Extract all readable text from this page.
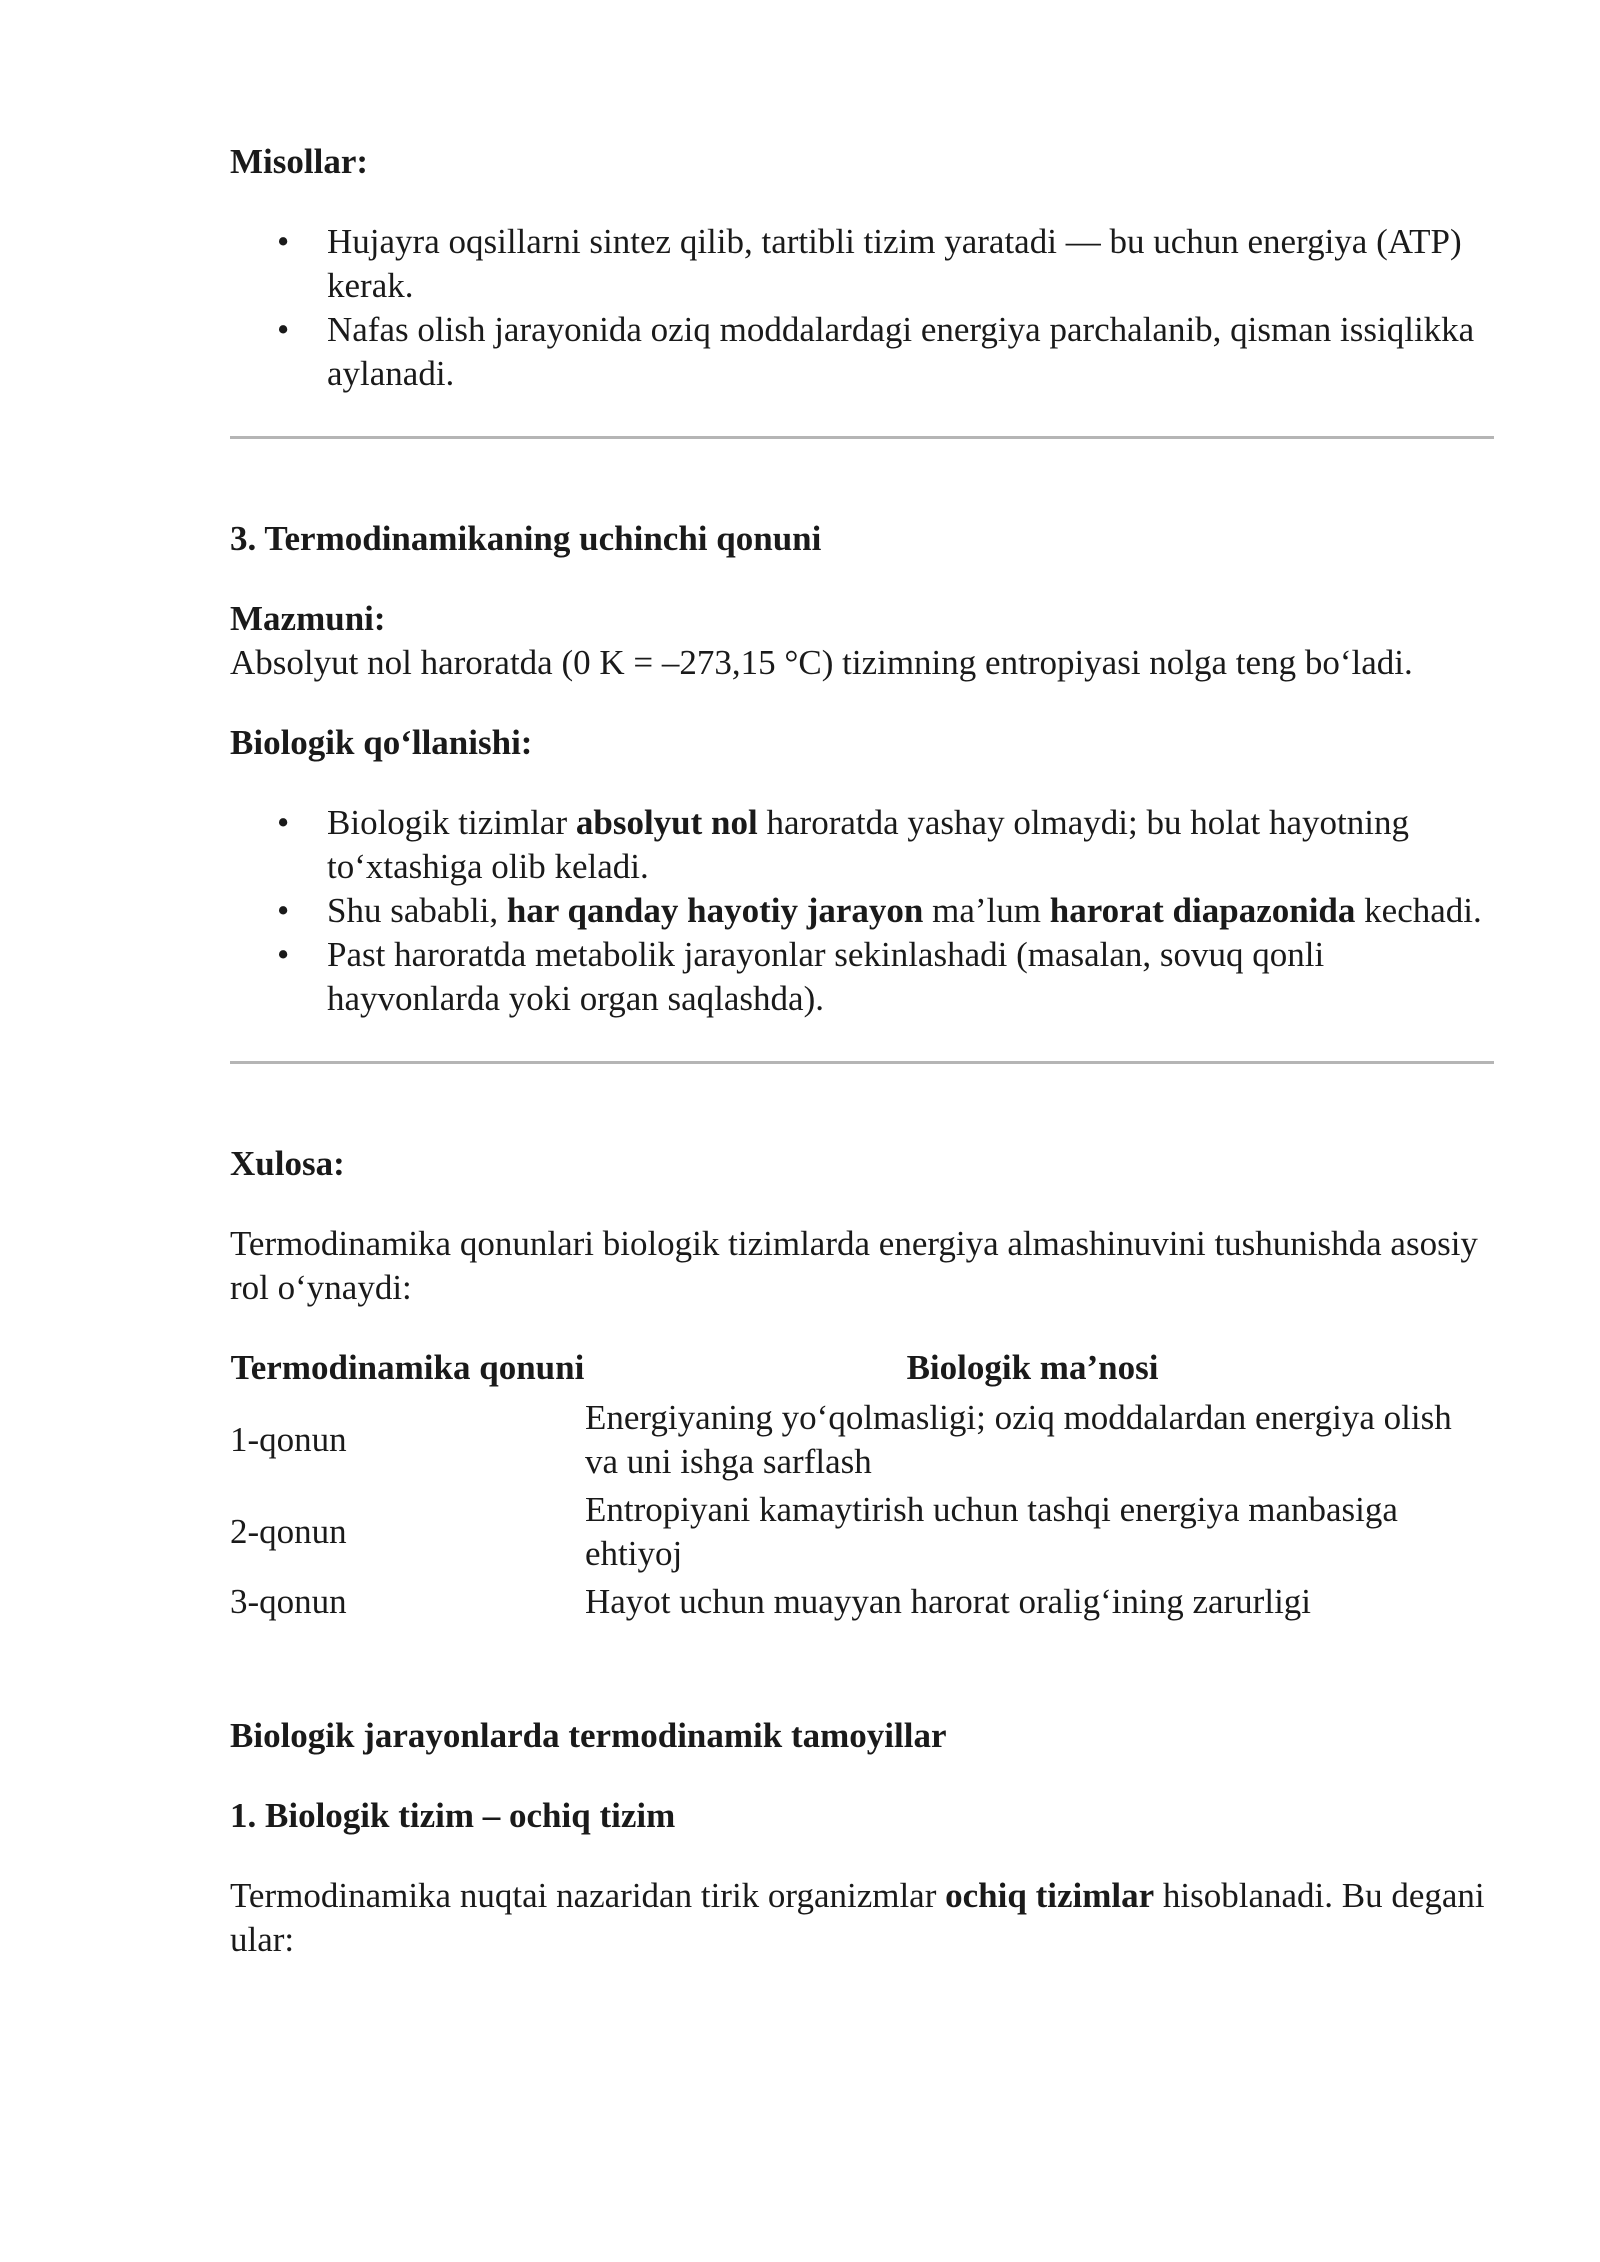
Misollar:

• Hujayra oqsillarni sintez qilib, tartibli tizim yaratadi — bu uchun energiya (ATP) kerak.
• Nafas olish jarayonida oziq moddalardagi energiya parchalanib, qisman issiqlikka aylanadi.

3. Termodinamikaning uchinchi qonuni

Mazmuni:

Absolyut nol haroratda (0 K = –273,15 °C) tizimning entropiyasi nolga teng bo‘ladi.

Biologik qo‘llanishi:

• Biologik tizimlar absolyut nol haroratda yashay olmaydi; bu holat hayotning to‘xtashiga olib keladi.
• Shu sababli, har qanday hayotiy jarayon ma’lum harorat diapazonida kechadi.
• Past haroratda metabolik jarayonlar sekinlashadi (masalan, sovuq qonli hayvonlarda yoki organ saqlashda).

Xulosa:

Termodinamika qonunlari biologik tizimlarda energiya almashinuvini tushunishda asosiy rol o‘ynaydi:

Termodinamika qonuni	Biologik ma’nosi
1-qonun	Energiyaning yo‘qolmasligi; oziq moddalardan energiya olish va uni ishga sarflash
2-qonun	Entropiyani kamaytirish uchun tashqi energiya manbasiga ehtiyoj
3-qonun	Hayot uchun muayyan harorat oralig‘ining zarurligi

Biologik jarayonlarda termodinamik tamoyillar

1. Biologik tizim – ochiq tizim

Termodinamika nuqtai nazaridan tirik organizmlar ochiq tizimlar hisoblanadi. Bu degani ular:
